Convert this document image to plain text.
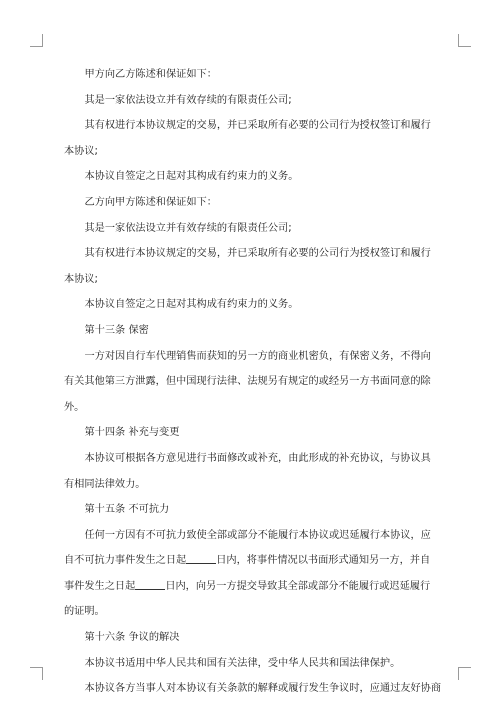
甲方向乙方陈述和保证如下：

其是一家依法设立并有效存续的有限责任公司;

其有权进行本协议规定的交易，并已采取所有必要的公司行为授权签订和履行本协议;

本协议自签定之日起对其构成有约束力的义务。

乙方向甲方陈述和保证如下：

其是一家依法设立并有效存续的有限责任公司;

其有权进行本协议规定的交易，并已采取所有必要的公司行为授权签订和履行本协议;

本协议自签定之日起对其构成有约束力的义务。

第十三条 保密

一方对因自行车代理销售而获知的另一方的商业机密负，有保密义务，不得向有关其他第三方泄露，但中国现行法律、法规另有规定的或经另一方书面同意的除外。

第十四条 补充与变更

本协议可根据各方意见进行书面修改或补充，由此形成的补充协议，与协议具有相同法律效力。

第十五条 不可抗力

任何一方因有不可抗力致使全部或部分不能履行本协议或迟延履行本协议，应自不可抗力事件发生之日起	日内，将事件情况以书面形式通知另一方，并自事件发生之日起	日内，向另一方提交导致其全部或部分不能履行或迟延履行的证明。

第十六条 争议的解决

本协议书适用中华人民共和国有关法律，受中华人民共和国法律保护。

本协议各方当事人对本协议有关条款的解释或履行发生争议时，应通过友好协商
